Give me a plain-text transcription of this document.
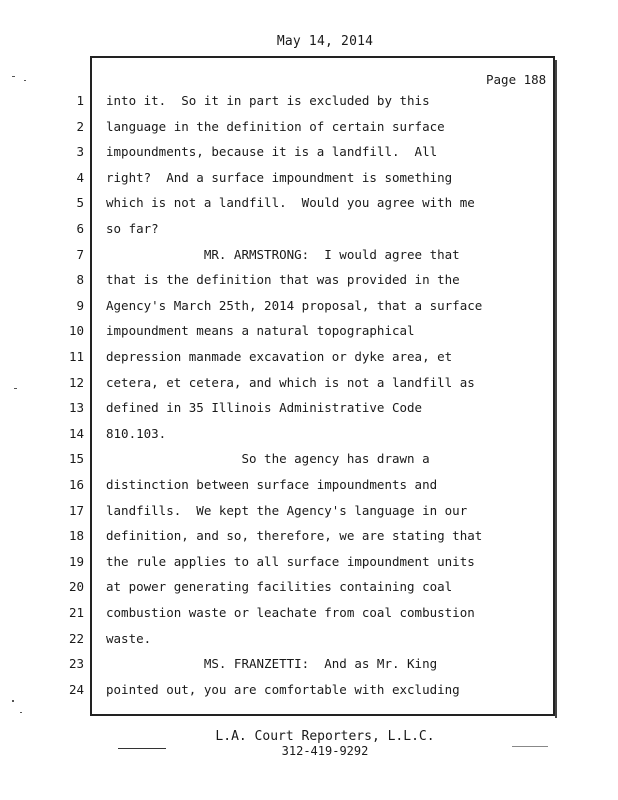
May 14, 2014
Page 188
1 into it.  So it in part is excluded by this
2 language in the definition of certain surface
3 impoundments, because it is a landfill.  All
4 right?  And a surface impoundment is something
5 which is not a landfill.  Would you agree with me
6 so far?
7 MR. ARMSTRONG:  I would agree that
8 that is the definition that was provided in the
9 Agency's March 25th, 2014 proposal, that a surface
10 impoundment means a natural topographical
11 depression manmade excavation or dyke area, et
12 cetera, et cetera, and which is not a landfill as
13 defined in 35 Illinois Administrative Code
14 810.103.
15 So the agency has drawn a
16 distinction between surface impoundments and
17 landfills.  We kept the Agency's language in our
18 definition, and so, therefore, we are stating that
19 the rule applies to all surface impoundment units
20 at power generating facilities containing coal
21 combustion waste or leachate from coal combustion
22 waste.
23 MS. FRANZETTI:  And as Mr. King
24 pointed out, you are comfortable with excluding
L.A. Court Reporters, L.L.C.
312-419-9292
